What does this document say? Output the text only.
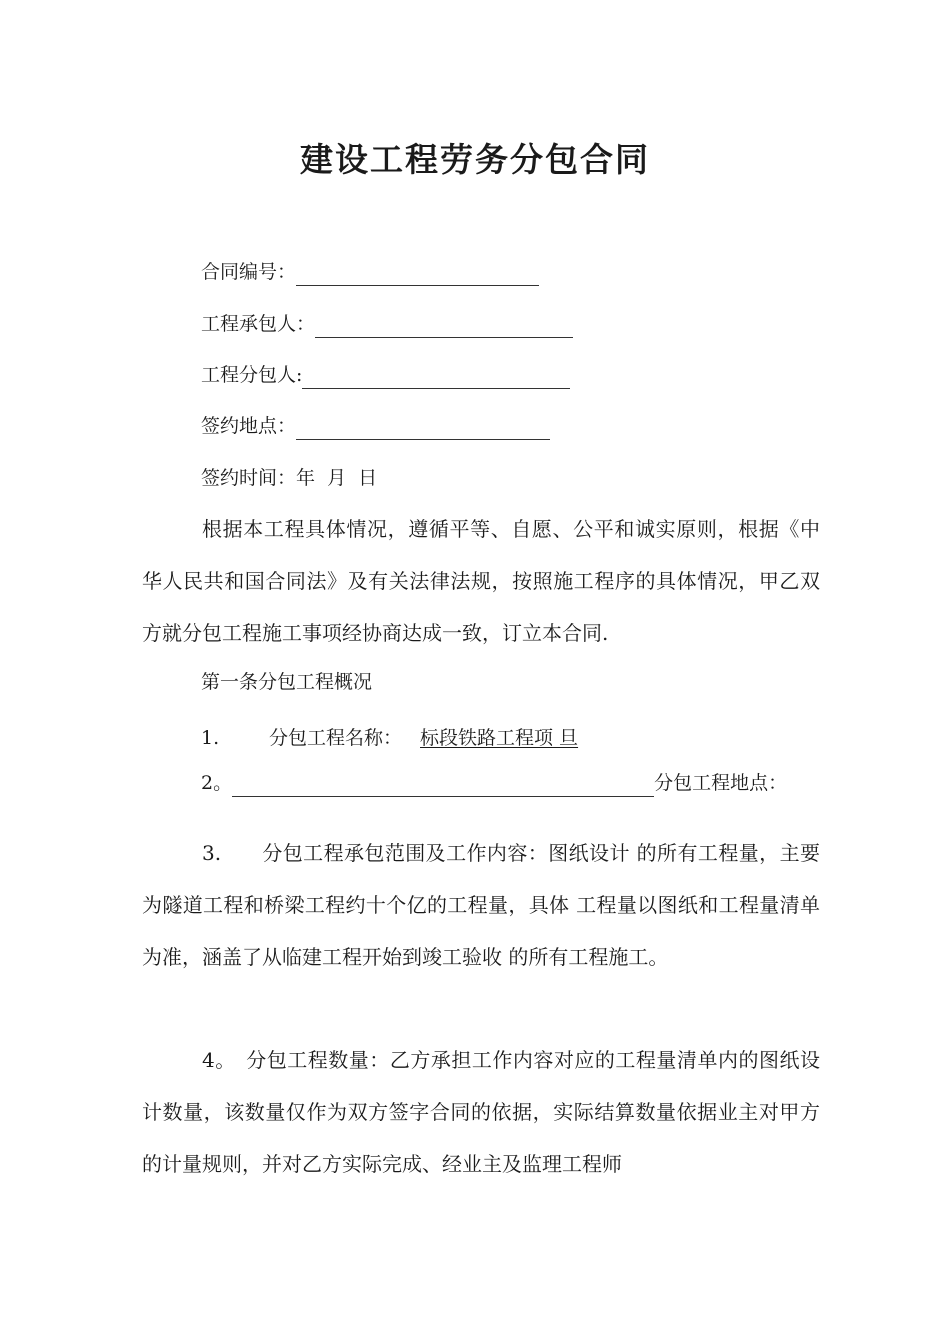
建设工程劳务分包合同
合同编号：
工程承包人：
工程分包人:
签约地点：
签约时间：年  月  日

根据本工程具体情况，遵循平等、自愿、公平和诚实原则，根据《中华人民共和国合同法》及有关法律法规，按照施工程序的具体情况，甲乙双方就分包工程施工事项经协商达成一致，订立本合同.

第一条分包工程概况

1.	分包工程名称： 标段铁路工程项 旦
2。	分包工程地点：

3.　　分包工程承包范围及工作内容：图纸设计 的所有工程量，主要为隧道工程和桥梁工程约十个亿的工程量，具体 工程量以图纸和工程量清单为准，涵盖了从临建工程开始到竣工验收 的所有工程施工。

4。　分包工程数量：乙方承担工作内容对应的工程量清单内的图纸设计数量，该数量仅作为双方签字合同的依据，实际结算数量依据业主对甲方的计量规则，并对乙方实际完成、经业主及监理工程师
